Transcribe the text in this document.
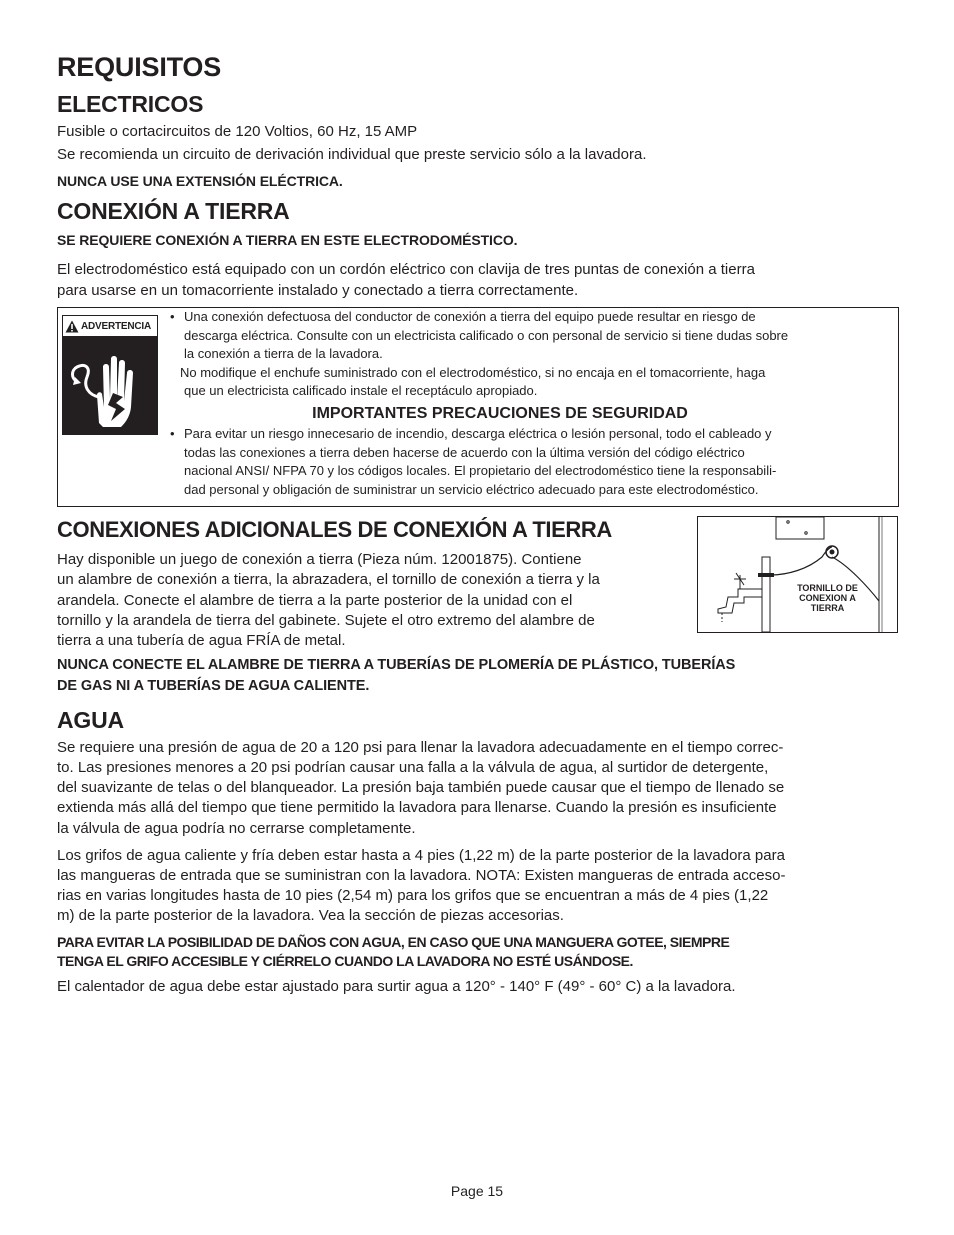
REQUISITOS
ELECTRICOS

Fusible o cortacircuitos de 120 Voltios, 60 Hz, 15 AMP

Se recomienda un circuito de derivación individual que preste servicio sólo a la lavadora.

NUNCA USE UNA EXTENSIÓN ELÉCTRICA.

CONEXIÓN A TIERRA

SE REQUIERE CONEXIÓN A TIERRA EN ESTE ELECTRODOMÉSTICO.

El electrodoméstico está equipado con un cordón eléctrico con clavija de tres puntas de conexión a tierra

para usarse en un tomacorriente instalado y conectado a tierra correctamente.

ADVERTENCIA
• Una conexión defectuosa del conductor de conexión a tierra del equipo puede resultar en riesgo de
descarga eléctrica. Consulte con un electricista calificado o con personal de servicio si tiene dudas sobre
la conexión a tierra de la lavadora.
No modifique el enchufe suministrado con el electrodoméstico, si no encaja en el tomacorriente, haga
que un electricista calificado instale el receptáculo apropiado.
IMPORTANTES PRECAUCIONES DE SEGURIDAD
• Para evitar un riesgo innecesario de incendio, descarga eléctrica o lesión personal, todo el cableado y
todas las conexiones a tierra deben hacerse de acuerdo con la última versión del código eléctrico
nacional ANSI/ NFPA 70 y los códigos locales. El propietario del electrodoméstico tiene la responsabili-
dad personal y obligación de suministrar un servicio eléctrico adecuado para este electrodoméstico.
CONEXIONES ADICIONALES DE CONEXIÓN A TIERRA

Hay disponible un juego de conexión a tierra (Pieza núm. 12001875). Contiene

un alambre de conexión a tierra, la abrazadera, el tornillo de conexión a tierra y la

arandela. Conecte el alambre de tierra a la parte posterior de la unidad con el

tornillo y la arandela de tierra del gabinete. Sujete el otro extremo del alambre de

tierra a una tubería de agua FRÍA de metal.

TORNILLO DE
CONEXION A
TIERRA

NUNCA CONECTE EL ALAMBRE DE TIERRA A TUBERÍAS DE PLOMERÍA DE PLÁSTICO, TUBERÍAS

DE GAS NI A TUBERÍAS DE AGUA CALIENTE.

AGUA

Se requiere una presión de agua de 20 a 120 psi para llenar la lavadora adecuadamente en el tiempo correc-

to. Las presiones menores a 20 psi podrían causar una falla a la válvula de agua, al surtidor de detergente,

del suavizante de telas o del blanqueador. La presión baja también puede causar que el tiempo de llenado se

extienda más allá del tiempo que tiene permitido la lavadora para llenarse. Cuando la presión es insuficiente

la válvula de agua podría no cerrarse completamente.

Los grifos de agua caliente y fría deben estar hasta a 4 pies (1,22 m) de la parte posterior de la lavadora para

las mangueras de entrada que se suministran con la lavadora. NOTA: Existen mangueras de entrada acceso-

rias en varias longitudes hasta de 10 pies (2,54 m) para los grifos que se encuentran a más de 4 pies (1,22

m) de la parte posterior de la lavadora. Vea la sección de piezas accesorias.

PARA EVITAR LA POSIBILIDAD DE DAÑOS CON AGUA, EN CASO QUE UNA MANGUERA GOTEE, SIEMPRE

TENGA EL GRIFO ACCESIBLE Y CIÉRRELO CUANDO LA LAVADORA NO ESTÉ USÁNDOSE.

El calentador de agua debe estar ajustado para surtir agua a 120° - 140° F (49° - 60° C) a la lavadora.

Page 15
